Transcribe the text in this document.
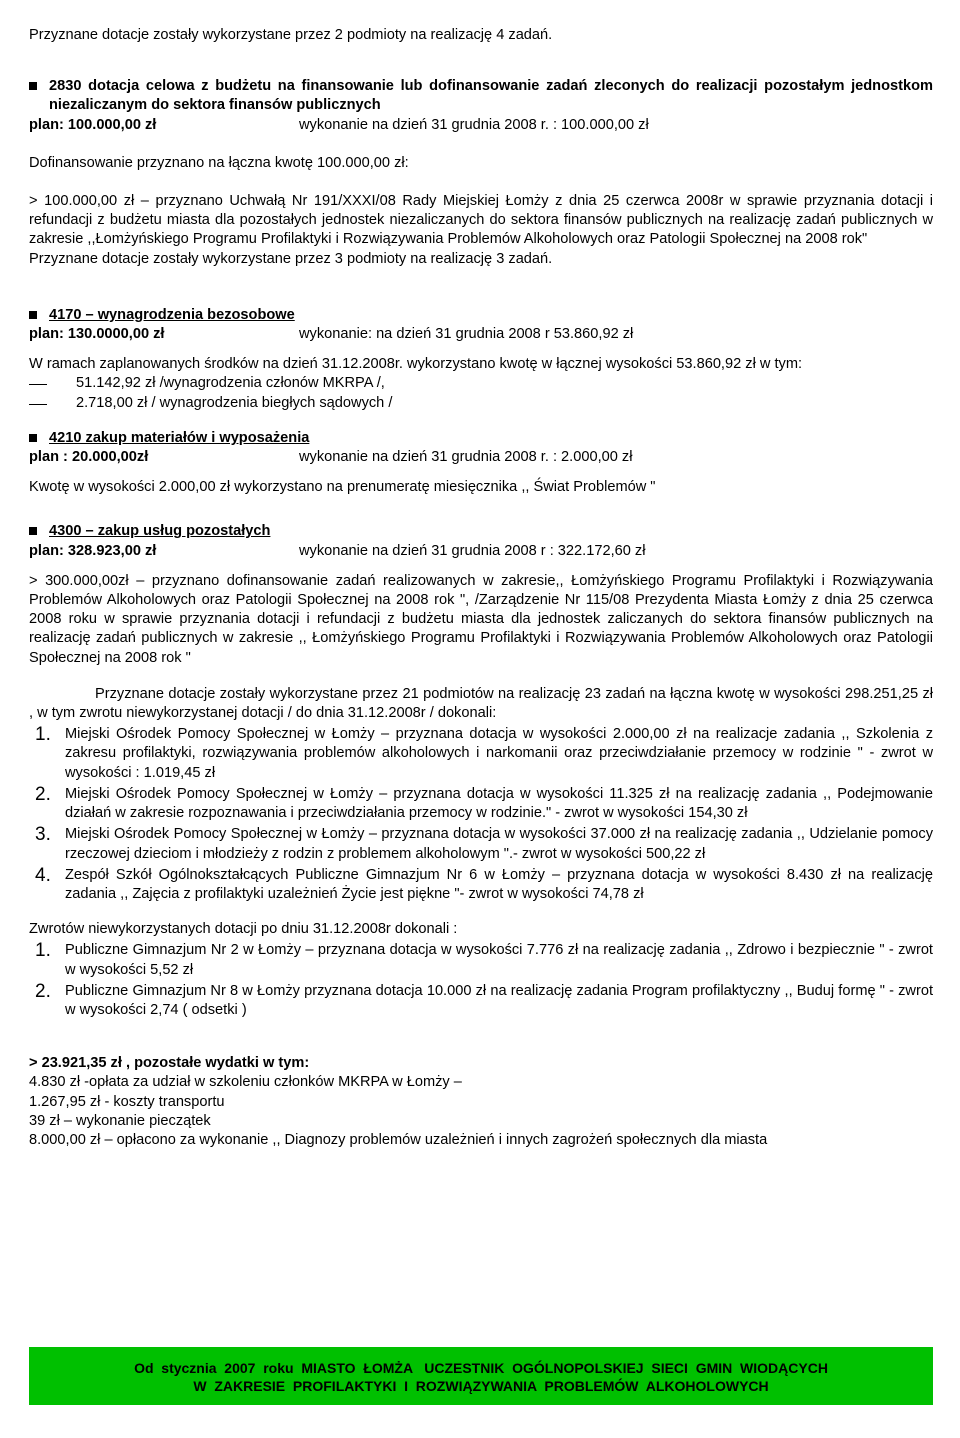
Przyznane dotacje zostały wykorzystane przez 2 podmioty na realizację 4 zadań.

2830 dotacja celowa z budżetu na finansowanie lub dofinansowanie zadań zleconych do realizacji pozostałym jednostkom niezaliczanym do sektora finansów publicznych
plan: 100.000,00 zł	wykonanie na dzień 31 grudnia 2008 r. : 100.000,00 zł

Dofinansowanie przyznano na łączna kwotę 100.000,00 zł:

> 100.000,00 zł – przyznano Uchwałą Nr 191/XXXI/08 Rady Miejskiej Łomży z dnia 25 czerwca 2008r w sprawie przyznania dotacji i refundacji z budżetu miasta dla pozostałych jednostek niezaliczanych do sektora finansów publicznych na realizację zadań publicznych w zakresie ,,Łomżyńskiego Programu Profilaktyki i Rozwiązywania Problemów Alkoholowych oraz Patologii Społecznej na 2008 rok"

Przyznane dotacje zostały wykorzystane przez 3 podmioty na realizację 3 zadań.

4170 – wynagrodzenia bezosobowe
plan: 130.0000,00 zł	wykonanie: na dzień 31 grudnia 2008 r 53.860,92 zł

W ramach zaplanowanych środków na dzień 31.12.2008r. wykorzystano kwotę w łącznej wysokości 53.860,92 zł w tym:

51.142,92 zł /wynagrodzenia członów MKRPA /,
2.718,00 zł / wynagrodzenia biegłych sądowych /
4210 zakup materiałów i wyposażenia
plan : 20.000,00zł	wykonanie na dzień 31 grudnia 2008 r. : 2.000,00 zł

Kwotę w wysokości 2.000,00 zł wykorzystano na prenumeratę miesięcznika ,, Świat Problemów "

4300 – zakup usług pozostałych
plan: 328.923,00 zł	wykonanie na dzień 31 grudnia 2008 r : 322.172,60 zł

> 300.000,00zł – przyznano dofinansowanie zadań realizowanych w zakresie,, Łomżyńskiego Programu Profilaktyki i Rozwiązywania Problemów Alkoholowych oraz Patologii Społecznej na 2008 rok ", /Zarządzenie Nr 115/08 Prezydenta Miasta Łomży z dnia 25 czerwca 2008 roku w sprawie przyznania dotacji i refundacji z budżetu miasta dla jednostek zaliczanych do sektora finansów publicznych na realizację zadań publicznych w zakresie ,, Łomżyńskiego Programu Profilaktyki i Rozwiązywania Problemów Alkoholowych oraz Patologii Społecznej na 2008 rok "

Przyznane dotacje zostały wykorzystane przez 21 podmiotów na realizację 23 zadań na łączna kwotę w wysokości 298.251,25 zł , w tym zwrotu niewykorzystanej dotacji / do dnia 31.12.2008r / dokonali:

1. Miejski Ośrodek Pomocy Społecznej w Łomży – przyznana dotacja w wysokości 2.000,00 zł na realizacje zadania ,, Szkolenia z zakresu profilaktyki, rozwiązywania problemów alkoholowych i narkomanii oraz przeciwdziałanie przemocy w rodzinie " - zwrot w wysokości : 1.019,45 zł
2. Miejski Ośrodek Pomocy Społecznej w Łomży – przyznana dotacja w wysokości 11.325 zł na realizację zadania ,, Podejmowanie działań w zakresie rozpoznawania i przeciwdziałania przemocy w rodzinie." - zwrot w wysokości 154,30 zł
3. Miejski Ośrodek Pomocy Społecznej w Łomży – przyznana dotacja w wysokości 37.000 zł na realizację zadania ,, Udzielanie pomocy rzeczowej dzieciom i młodzieży z rodzin z problemem alkoholowym ".- zwrot w wysokości 500,22 zł
4. Zespół Szkół Ogólnokształcących Publiczne Gimnazjum Nr 6 w Łomży – przyznana dotacja w wysokości 8.430 zł na realizację zadania ,, Zajęcia z profilaktyki uzależnień Życie jest piękne "- zwrot w wysokości 74,78 zł

Zwrotów niewykorzystanych dotacji po dniu 31.12.2008r dokonali :

1. Publiczne Gimnazjum Nr 2 w Łomży – przyznana dotacja w wysokości 7.776 zł na realizację zadania ,, Zdrowo i bezpiecznie " - zwrot w wysokości 5,52 zł
2. Publiczne Gimnazjum Nr 8 w Łomży przyznana dotacja 10.000 zł na realizację zadania Program profilaktyczny ,, Buduj formę " - zwrot w wysokości 2,74 ( odsetki )

> 23.921,35 zł , pozostałe wydatki w tym:

4.830 zł -opłata za udział w szkoleniu członków MKRPA w Łomży –

1.267,95 zł - koszty transportu

39 zł – wykonanie pieczątek

8.000,00 zł – opłacono za wykonanie ,, Diagnozy problemów uzależnień i innych zagrożeń społecznych dla miasta

Od  stycznia  2007  roku  MIASTO  ŁOMŻA   UCZESTNIK  OGÓLNOPOLSKIEJ  SIECI  GMIN  WIODĄCYCH
W  ZAKRESIE  PROFILAKTYKI  I  ROZWIĄZYWANIA  PROBLEMÓW  ALKOHOLOWYCH
